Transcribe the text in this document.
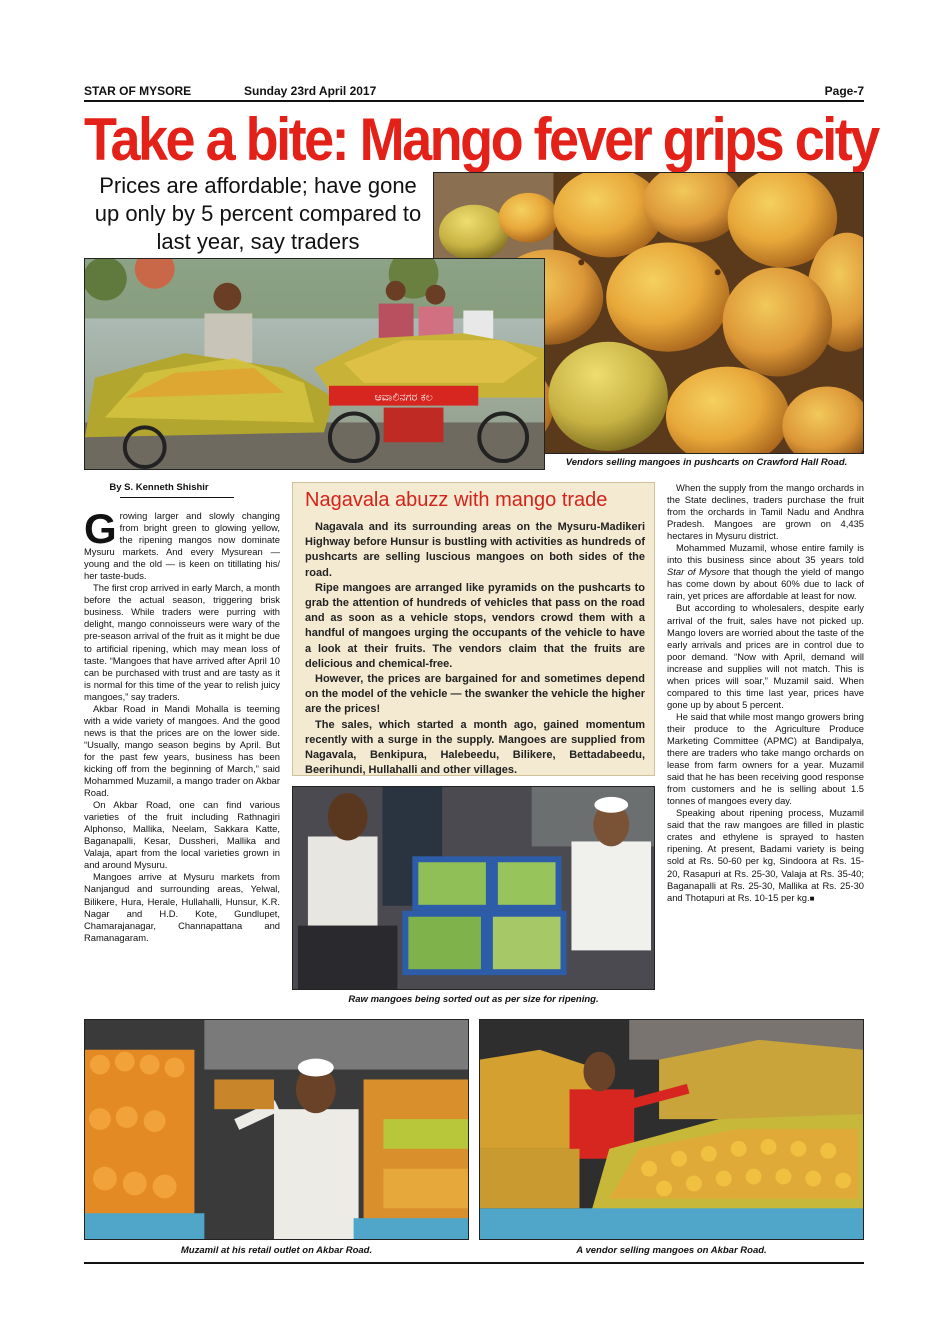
STAR OF MYSORE	Sunday 23rd April 2017	Page-7
Take a bite: Mango fever grips city
Prices are affordable; have gone up only by 5 percent compared to last year, say traders
ಆವಾಲಿನಗರ ಕಲ
Vendors selling mangoes in pushcarts on Crawford Hall Road.
By S. Kenneth Shishir

Growing larger and slowly changing from bright green to glowing yellow, the ripening mangos now dominate Mysuru markets. And every Mysurean — young and the old — is keen on titillating his/ her taste-buds.

The first crop arrived in early March, a month before the actual season, triggering brisk business. While traders were purring with delight, mango connoisseurs were wary of the pre-season arrival of the fruit as it might be due to artificial ripening, which may mean loss of taste. “Mangoes that have arrived after April 10 can be purchased with trust and are tasty as it is normal for this time of the year to relish juicy mangoes,” say traders.

Akbar Road in Mandi Mohalla is teeming with a wide variety of mangoes. And the good news is that the prices are on the lower side. “Usually, mango season begins by April. But for the past few years, business has been kicking off from the beginning of March,” said Mohammed Muzamil, a mango trader on Akbar Road.

On Akbar Road, one can find various varieties of the fruit including Rathnagiri Alphonso, Mallika, Neelam, Sakkara Katte, Baganapalli, Kesar, Dussheri, Mallika and Valaja, apart from the local varieties grown in and around Mysuru.

Mangoes arrive at Mysuru markets from Nanjangud and surrounding areas, Yelwal, Bilikere, Hura, Herale, Hullahalli, Hunsur, K.R. Nagar and H.D. Kote, Gundlupet, Chamarajanagar, Channapattana and Ramanagaram.

Nagavala abuzz with mango trade

Nagavala and its surrounding areas on the Mysuru-Madikeri Highway before Hunsur is bustling with activities as hundreds of pushcarts are selling luscious mangoes on both sides of the road.

Ripe mangoes are arranged like pyramids on the pushcarts to grab the attention of hundreds of vehicles that pass on the road and as soon as a vehicle stops, vendors crowd them with a handful of mangoes urging the occupants of the vehicle to have a look at their fruits. The vendors claim that the fruits are delicious and chemical-free.

However, the prices are bargained for and sometimes depend on the model of the vehicle — the swanker the vehicle the higher are the prices!

The sales, which started a month ago, gained momentum recently with a surge in the supply. Mangoes are supplied from Nagavala, Benkipura, Halebeedu, Bilikere, Bettadabeedu, Beerihundi, Hullahalli and other villages.

Raw mangoes being sorted out as per size for ripening.

When the supply from the mango orchards in the State declines, traders purchase the fruit from the orchards in Tamil Nadu and Andhra Pradesh. Mangoes are grown on 4,435 hectares in Mysuru district.

Mohammed Muzamil, whose entire family is into this business since about 35 years told Star of Mysore that though the yield of mango has come down by about 60% due to lack of rain, yet prices are affordable at least for now.

But according to wholesalers, despite early arrival of the fruit, sales have not picked up. Mango lovers are worried about the taste of the early arrivals and prices are in control due to poor demand. “Now with April, demand will increase and supplies will not match. This is when prices will soar,” Muzamil said. When compared to this time last year, prices have gone up by about 5 percent.

He said that while most mango growers bring their produce to the Agriculture Produce Marketing Committee (APMC) at Bandipalya, there are traders who take mango orchards on lease from farm owners for a year. Muzamil said that he has been receiving good response from customers and he is selling about 1.5 tonnes of mangoes every day.

Speaking about ripening process, Muzamil said that the raw mangoes are filled in plastic crates and ethylene is sprayed to hasten ripening. At present, Badami variety is being sold at Rs. 50-60 per kg, Sindoora at Rs. 15-20, Rasapuri at Rs. 25-30, Valaja at Rs. 35-40; Baganapalli at Rs. 25-30, Mallika at Rs. 25-30 and Thotapuri at Rs. 10-15 per kg.■

Muzamil at his retail outlet on Akbar Road.	A vendor selling mangoes on Akbar Road.
